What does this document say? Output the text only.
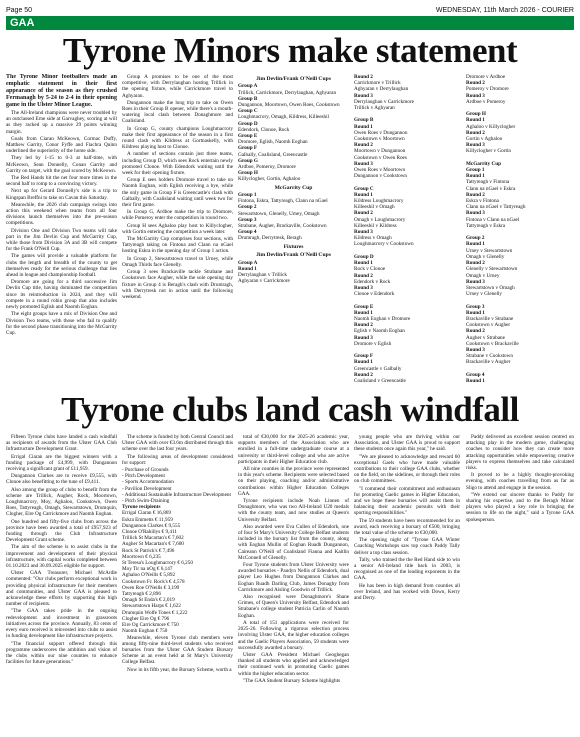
Page 50	WEDNESDAY, 11th March 2026 - COURIER
GAA
Tyrone Minors make statement

The Tyrone Minor footballers made an emphatic statement in their first appearance of the season as they crushed Fermanagh by 5-24 to 2-4 in their opening game in the Ulster Minor League.

The All-Ireland champions were never troubled by an outclassed Erne side at Garvaghey, scoring at will as they racked up a massive 29 points winning margin.

Goals from Ciaran McKeown, Cormac Duffy, Matthew Garrity, Conor Fyffe and Fiachra Quinn underlined the superiority of the home side.

They led by 1-15 to 0-3 at half-time, with McKeown, Sean Donnelly, Conan Garrity and Garrity on target, with the goal scored by McKeown.

The Red Hands hit the net four more times in the second half to romp to a convincing victory.

Next up for Gerard Donnelly's side is a trip to Kingspan Breffni to take on Cavan this Saturday.

Meanwhile, the 2026 club campaign swings into action this weekend when teams from all four divisions launch themselves into the pre-season competitions.

Division One and Division Two teams will take part in the Jim Devlin Cup and McGarrity Cup, while those from Division 3A and 3B will compete for the Frank O'Neill Cup.

The games will provide a valuable platform for clubs the length and breadth of the county to get themselves ready for the serious challenge that lies ahead in league and championship football.

Dromore are going for a third successive Jim Devlin Cup title, having dominated the competition since its reintroduction in 2024, and they will compete in a round robin group that also includes newly promoted Eglish and Naomh Eoghan.

The eight groups have a mix of Division One and Division Two teams, with those who fail to qualify for the second phase transitioning into the McGarrity Cup.

Group A promises to be one of the most competitive, with Derrylaughan hosting Trillick in the opening fixture, while Carrickmore travel to Aghyaran.

Dungannon make the long trip to take on Owen Roes in their Group B opener, while there's a mouth-watering local clash between Donaghmore and Coalisland.

In Group G, county champions Loughmacrory make their first appearance of the season in a first round clash with Kildress at Gortnaskelly, with Kildress playing host to Clonoe.

A number of sections contain just three teams, including Group D, which sees Rock entertain newly promoted Clonoe. With Edendork waiting until the week for their opening fixture.

Group E sees holders Dromore travel to take on Naomh Eoghan, with Eglish receiving a bye, while the only game in Group F is Greencastle's clash with Galbally, with Coalisland waiting until week two for their first game.

In Group G, Ardboe make the trip to Dromore, while Pomeroy enter the competition in round two.

Group H sees Aghaloo play host to Killyclogher, with Gortin entering the competition a week later.

The McGarrity Cup comprises four sections, with Tattyreagh taking on Fintona and Clann na nGael hosting Eskra in the opening day of Group 1 action.

In Group 2, Stewartstown travel to Urney, while Omagh Thirds face Glenelly.

Group 3 sees Brackaville tackle Strabane and Cookstown face Augher, while the sole opening day fixture in Group 4 is Beragh's clash with Drumragh, with Derrytresk not in action until the following weekend.

Jim Devlin/Frank O'Neill Cups
Group A
Trillick, Carrickmore, Derrylaughan, Aghyaran
Group B
Dungannon, Moortown, Owen Roes, Cookstown
Group C
Loughmacrory, Omagh, Kildress, Killeeshil
Group D
Edendork, Clonoe, Rock
Group E
Dromore, Eglish, Naomh Eoghan
Group F
Galbally, Coalisland, Greencastle
Group G
Ardboe, Pomeroy, Dromore
Group H
Killyclogher, Gortin, Aghaloo
McGarrity Cup
Group 1
Fintona, Eskra, Tattyreagh, Clann na nGael
Group 2
Stewartstown, Glenelly, Urney, Omagh
Group 3
Strabane, Augher, Brackaville, Cookstown
Group 4
Drumragh, Derrytresk, Beragh
Fixtures
Jim Devlin/Frank O'Neill Cups
Group A
Round 1
Derrylaughan v Trillick
Aghyaran v Carrickmore
Round 2
Carrickmore v Trillick
Aghyaran v Derrylaughan
Round 3
Derrylaughan v Carrickmore
Trillick v Aghyaran

Group B
Round 1
Owen Roes v Dungannon
Cookstown v Moortown
Round 2
Moortown v Dungannon
Cookstown v Owen Roes
Round 3
Owen Roes v Moortown
Dungannon v Cookstown

Group C
Round 1
Kildress Loughmacrory
Killeeshil v Omagh
Round 2
Omagh v Loughmacrory
Killeeshil v Kildress
Round 3
Kildress v Omagh
Loughmacrory v Cookstown

Group D
Round 1
Rock v Clonoe
Round 2
Edendork v Rock
Round 3
Clonoe v Edendork

Group E
Round 1
Naomh Eoghan v Dromore
Round 2
Eglish v Naomh Eoghan
Round 3
Dromore v Eglish

Group F
Round 1
Greencastle v Galbally
Round 2
Coalisland v Greencastle

Dromore v Ardboe
Round 2
Pomeroy v Dromore
Round 3
Ardboe v Pomeroy

Group H
Round 1
Aghaloo v Killyclogher
Round 2
Gortin v Aghaloo
Round 3
Killyclogher v Gortin

McGarrity Cup
Group 1
Round 1
Tattyreagh v Fintona
Clann na nGael v Eskra
Round 2
Eskra v Fintona
Clann na nGael v Tattyreagh
Round 3
Fintona v Clann na nGael
Tattyreagh v Eskra

Group 2
Round 1
Urney v Stewartstown
Omagh v Glenelly
Round 2
Glenelly v Stewartstown
Omagh v Urney
Round 3
Stewartstown v Omagh
Urney v Glenelly

Group 3
Round 1
Brackaville v Strabane
Cookstown v Augher
Round 2
Augher v Strabane
Cookstown v Brackaville
Round 3
Strabane v Cookstown
Brackaville v Augher

Group 4
Round 1
Tyrone clubs land cash windfall

Fifteen Tyrone clubs have landed a cash windfall as recipients of awards from the Ulster GAA Club Infrastructure Development Grant.

Errigal Ciaran are the biggest winners with a funding package of £4,999, with Dungannon receiving a significant grant of £11,959.

Dungannon Clarkes are to receive £9,555, with Clonoe also benefitting to the tune of £9,411.

Also among the group of clubs to benefit from the scheme are Trillick, Augher, Rock, Moortown, Loughmacrory, Moy, Aghaloo, Cookstown, Owen Roes, Tattyreagh, Omagh, Stewartstown, Drumquin, Clogher, Eire Og Carrickmore and Naomh Eoghan.

One hundred and fifty-five clubs from across the province have been awarded a total of £957,923 of funding through the Club Infrastructure Development Grant scheme.

The aim of the scheme is to assist clubs in the improvement and development of their physical infrastructure, with capital works completed between 01.10.2023 and 30.09.2025 eligible for support.

Ulster GAA Treasurer, Michael McArdle commented: "Our clubs perform exceptional work in providing physical infrastructure for their members and communities, and Ulster GAA is pleased to acknowledge these efforts by supporting this high number of recipients.

"The GAA takes pride in the ongoing redevelopment and investment in grassroots initiatives across the province. Annually, 83 cents of every euro received is reinvested into clubs to assist in funding development like infrastructure projects.

"The financial support offered through this programme underscores the ambition and vision of the clubs within our nine counties to enhance facilities for future generations."

The scheme is funded by both Central Council and Ulster GAA with over €3.6m distributed through this scheme over the last four years.

The following areas of development considered for support:

- Purchase of Grounds
- Pitch Development
- Sports Accommodation
- Pavilion Development
- Additional Sustainable Infrastructure Development
- Pitch Swim-Draining
Tyrone recipients
Errigal Ciaran € 16,869
Eskra Emmetts € 11,959
Dungannon Clarkes € 9,555
Clonoe O'Rahillys € 9,411
Trillick St Macartan's € 7,602
Augher St Macartan's € 7,600
Rock St Patrick's € 7,496
Moortown € 6,235
St Teresa's Loughmacrory € 6,250
Moy Tir na nOg € 6,147
Aghaloo O'Neills € 5,892
Cookstown Fr. Rock's € 4,578
Owen Roe O'Neills € 3,199
Tattyreagh € 2,896
Omagh St Enda's € 2,019
Stewartstown Harps € 1,622
Drumquin Wolfe Tones € 1,222
Clogher Eire Og € 796
Eire Og Carrickmore € 750
Naomh Eoghan € 750

Meanwhile, eleven Tyrone club members were among fifty-nine third-level students who received bursaries from the Ulster GAA Student Bursary Scheme at an event held at St Mary's University College Belfast.

Now in its fifth year, the Bursary Scheme, worth a

total of €30,000 for the 2025-26 academic year, supports members of the Association who are enrolled in a full-time undergraduate course at a university or third-level college and who are active participants in their Higher Education club.

All nine counties in the province were represented in this year's scheme. Recipients were selected based on their playing, coaching and/or administrative contributions within Higher Education Colleges GAA.

Tyrone recipients include Noah Linnen of Donaghmore, who was two All-Ireland U20 medals with the county team, and now studies at Queen's University Belfast.

Also awarded were Eva Cullen of Edendork, one of four St Mary's University College Belfast students included in the bursary list from the county, along with Eoghan Mullin of Eoghan Ruadh Dungannon, Caireann O'Neill of Coalisland Fianna and Kaitlin McConnell of Glenelly.

Four Tyrone students from Ulster University were awarded bursaries - Paudyn Nellis of Edendork, dual player Leo Hughes from Dungannon Clarkes and Eoghan Ruadh Darling Club, James Donaghy from Carrickmore and Aisling Goodwin of Trillick.

Also recognised were Donaghmore's Shane Grimes, of Queen's University Belfast, Edendork and Strabane's college student Patricia Carlin of Naomh Eoghan.

A total of 151 applications were received for 2025-26. Following a rigorous selection process involving Ulster GAA, the higher education colleges and the Gaelic Players Association, 59 students were successfully awarded a bursary.

Ulster GAA President Michael Geoghegan thanked all students who applied and acknowledged their continued work in promoting Gaelic games within the higher education sector.

"The GAA Student Bursary Scheme highlights

young people who are thriving within our Association, and Ulster GAA is proud to support these students once again this year," he said.

"We are pleased to acknowledge and reward 60 exceptional Gaels who have made valuable contributions to their college GAA clubs, whether on the field, on the sidelines, or through their roles on club committees.

"I commend their commitment and enthusiasm for promoting Gaelic games in Higher Education, and we hope these bursaries will assist them in balancing their academic pursuits with their sporting responsibilities."

The 59 students have been recommended for an award, each receiving a bursary of €500, bringing the total value of the scheme to €30,000.

The opening night of "Tyrone GAA Winter Coaching Workshops saw top coach Paddy Tally deliver a top class session.

Tally, who trained the the Red Hand side to win a senior All-Ireland title back in 2003, is recognised as one of the leading exponents in the GAA.

He has been in high demand from counties all over Ireland, and has worked with Down, Kerry and Derry.

Paddy delivered an excellent session centred on attacking play in the modern game, challenging coaches to consider how they can create more attacking opportunities while empowering creative players to express themselves and take calculated risks.

It proved to be a highly thought-provoking evening, with coaches travelling from as far as Sligo to attend and engage in the session.

"We extend our sincere thanks to Paddy for sharing his expertise, and to the Beragh Minor players who played a key role in bringing the session to life on the night," said a Tyrone GAA spokesperson.
